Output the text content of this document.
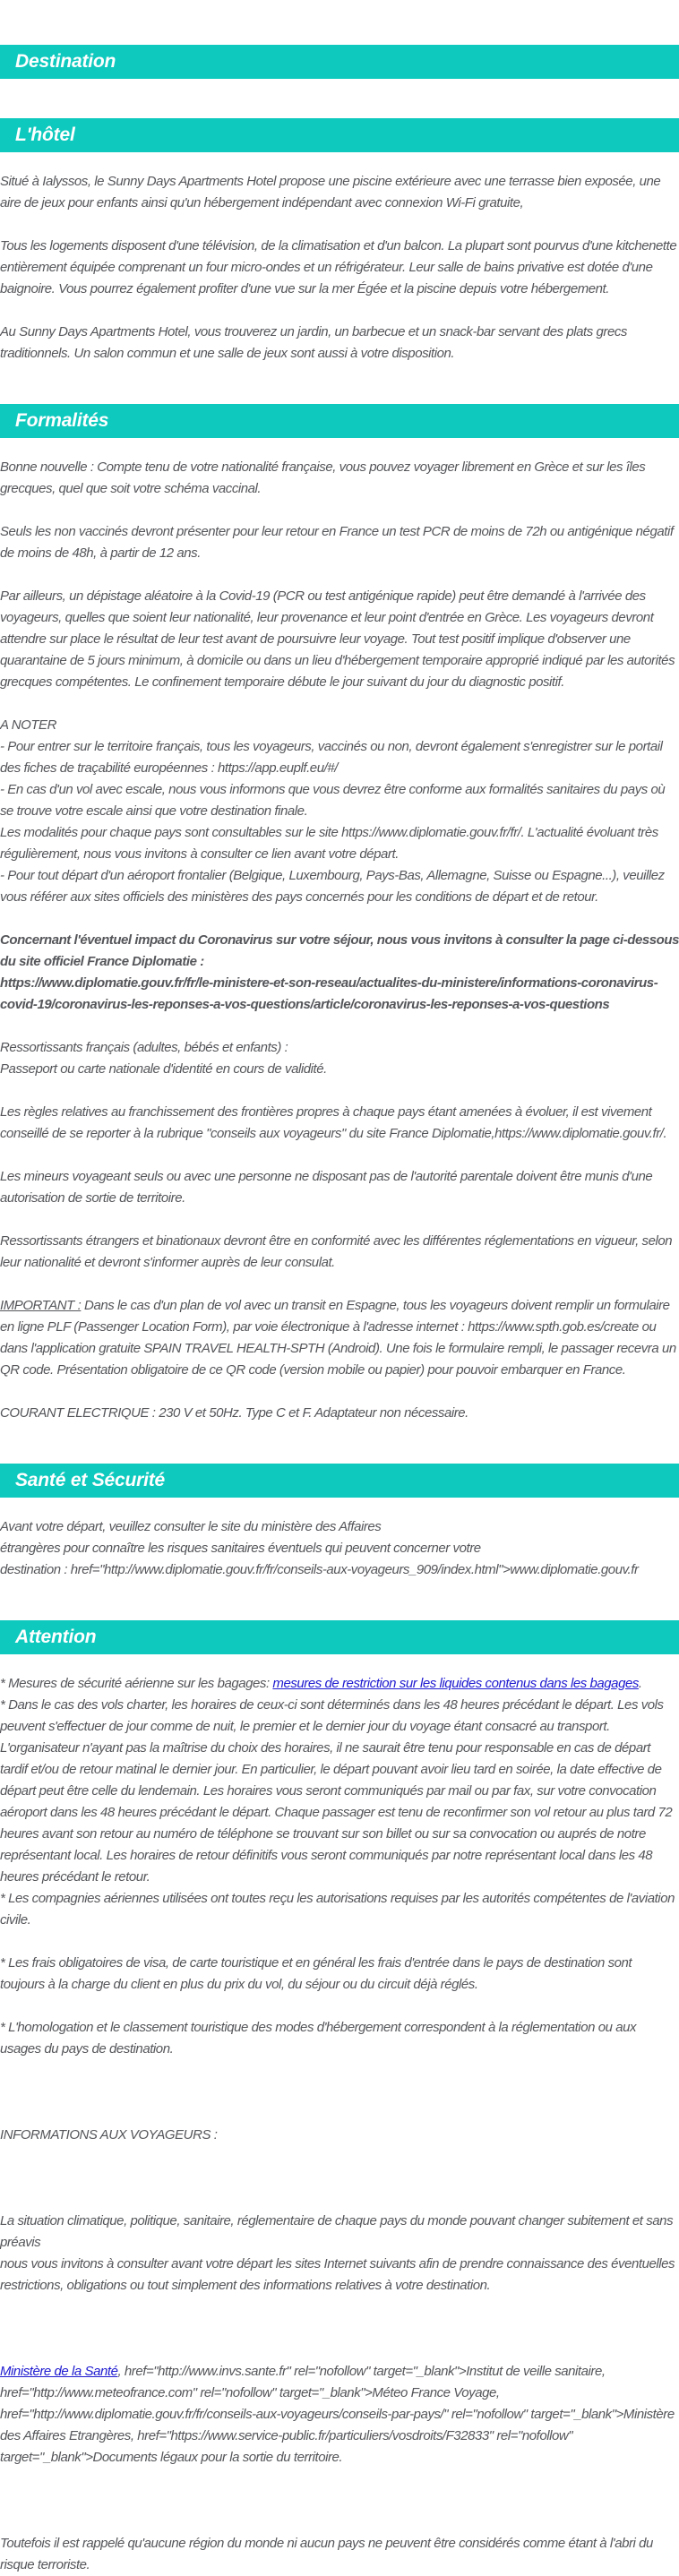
Destination
L'hôtel

Situé à Ialyssos, le Sunny Days Apartments Hotel propose une piscine extérieure avec une terrasse bien exposée, une aire de jeux pour enfants ainsi qu'un hébergement indépendant avec connexion Wi-Fi gratuite,

Tous les logements disposent d'une télévision, de la climatisation et d'un balcon. La plupart sont pourvus d'une kitchenette entièrement équipée comprenant un four micro-ondes et un réfrigérateur. Leur salle de bains privative est dotée d'une baignoire. Vous pourrez également profiter d'une vue sur la mer Égée et la piscine depuis votre hébergement.

Au Sunny Days Apartments Hotel, vous trouverez un jardin, un barbecue et un snack-bar servant des plats grecs traditionnels. Un salon commun et une salle de jeux sont aussi à votre disposition.

Formalités

Bonne nouvelle : Compte tenu de votre nationalité française, vous pouvez voyager librement en Grèce et sur les îles grecques, quel que soit votre schéma vaccinal.

Seuls les non vaccinés devront présenter pour leur retour en France un test PCR de moins de 72h ou antigénique négatif de moins de 48h, à partir de 12 ans.

Par ailleurs, un dépistage aléatoire à la Covid-19 (PCR ou test antigénique rapide) peut être demandé à l'arrivée des voyageurs, quelles que soient leur nationalité, leur provenance et leur point d'entrée en Grèce. Les voyageurs devront attendre sur place le résultat de leur test avant de poursuivre leur voyage. Tout test positif implique d'observer une quarantaine de 5 jours minimum, à domicile ou dans un lieu d'hébergement temporaire approprié indiqué par les autorités grecques compétentes. Le confinement temporaire débute le jour suivant du jour du diagnostic positif.

A NOTER
- Pour entrer sur le territoire français, tous les voyageurs, vaccinés ou non, devront également s'enregistrer sur le portail des fiches de traçabilité européennes : https://app.euplf.eu/#/
- En cas d'un vol avec escale, nous vous informons que vous devrez être conforme aux formalités sanitaires du pays où se trouve votre escale ainsi que votre destination finale.
Les modalités pour chaque pays sont consultables sur le site https://www.diplomatie.gouv.fr/fr/. L'actualité évoluant très régulièrement, nous vous invitons à consulter ce lien avant votre départ.
- Pour tout départ d'un aéroport frontalier (Belgique, Luxembourg, Pays-Bas, Allemagne, Suisse ou Espagne...), veuillez vous référer aux sites officiels des ministères des pays concernés pour les conditions de départ et de retour.

Concernant l'éventuel impact du Coronavirus sur votre séjour, nous vous invitons à consulter la page ci-dessous du site officiel France Diplomatie :
https://www.diplomatie.gouv.fr/fr/le-ministere-et-son-reseau/actualites-du-ministere/informations-coronavirus-covid-19/coronavirus-les-reponses-a-vos-questions/article/coronavirus-les-reponses-a-vos-questions

Ressortissants français (adultes, bébés et enfants) :
Passeport ou carte nationale d'identité en cours de validité.

Les règles relatives au franchissement des frontières propres à chaque pays étant amenées à évoluer, il est vivement conseillé de se reporter à la rubrique "conseils aux voyageurs" du site France Diplomatie,https://www.diplomatie.gouv.fr/.

Les mineurs voyageant seuls ou avec une personne ne disposant pas de l'autorité parentale doivent être munis d'une autorisation de sortie de territoire.

Ressortissants étrangers et binationaux devront être en conformité avec les différentes réglementations en vigueur, selon leur nationalité et devront s'informer auprès de leur consulat.

IMPORTANT : Dans le cas d'un plan de vol avec un transit en Espagne, tous les voyageurs doivent remplir un formulaire en ligne PLF (Passenger Location Form), par voie électronique à l'adresse internet : https://www.spth.gob.es/create ou dans l'application gratuite SPAIN TRAVEL HEALTH-SPTH (Android). Une fois le formulaire rempli, le passager recevra un QR code. Présentation obligatoire de ce QR code (version mobile ou papier) pour pouvoir embarquer en France.

COURANT ELECTRIQUE : 230 V et 50Hz. Type C et F. Adaptateur non nécessaire.

Santé et Sécurité

Avant votre départ, veuillez consulter le site du ministère des Affaires
étrangères pour connaître les risques sanitaires éventuels qui peuvent concerner votre
destination : href="http://www.diplomatie.gouv.fr/fr/conseils-aux-voyageurs_909/index.html">www.diplomatie.gouv.fr

Attention

* Mesures de sécurité aérienne sur les bagages: mesures de restriction sur les liquides contenus dans les bagages.
* Dans le cas des vols charter, les horaires de ceux-ci sont déterminés dans les 48 heures précédant le départ. Les vols peuvent s'effectuer de jour comme de nuit, le premier et le dernier jour du voyage étant consacré au transport. L'organisateur n'ayant pas la maîtrise du choix des horaires, il ne saurait être tenu pour responsable en cas de départ tardif et/ou de retour matinal le dernier jour. En particulier, le départ pouvant avoir lieu tard en soirée, la date effective de départ peut être celle du lendemain. Les horaires vous seront communiqués par mail ou par fax, sur votre convocation aéroport dans les 48 heures précédant le départ. Chaque passager est tenu de reconfirmer son vol retour au plus tard 72 heures avant son retour au numéro de téléphone se trouvant sur son billet ou sur sa convocation ou auprés de notre représentant local. Les horaires de retour définitifs vous seront communiqués par notre représentant local dans les 48 heures précédant le retour.
* Les compagnies aériennes utilisées ont toutes reçu les autorisations requises par les autorités compétentes de l'aviation civile.

* Les frais obligatoires de visa, de carte touristique et en général les frais d'entrée dans le pays de destination sont toujours à la charge du client en plus du prix du vol, du séjour ou du circuit déjà réglés.

* L'homologation et le classement touristique des modes d'hébergement correspondent à la réglementation ou aux usages du pays de destination.

INFORMATIONS AUX VOYAGEURS :

La situation climatique, politique, sanitaire, réglementaire de chaque pays du monde pouvant changer subitement et sans préavis
nous vous invitons à consulter avant votre départ les sites Internet suivants afin de prendre connaissance des éventuelles restrictions, obligations ou tout simplement des informations relatives à votre destination.

Ministère de la Santé, href="http://www.invs.sante.fr" rel="nofollow" target="_blank">Institut de veille sanitaire, href="http://www.meteofrance.com" rel="nofollow" target="_blank">Méteo France Voyage, href="http://www.diplomatie.gouv.fr/fr/conseils-aux-voyageurs/conseils-par-pays/" rel="nofollow" target="_blank">Ministère des Affaires Etrangères, href="https://www.service-public.fr/particuliers/vosdroits/F32833" rel="nofollow" target="_blank">Documents légaux pour la sortie du territoire.

Toutefois il est rappelé qu'aucune région du monde ni aucun pays ne peuvent être considérés comme étant à l'abri du risque terroriste.
